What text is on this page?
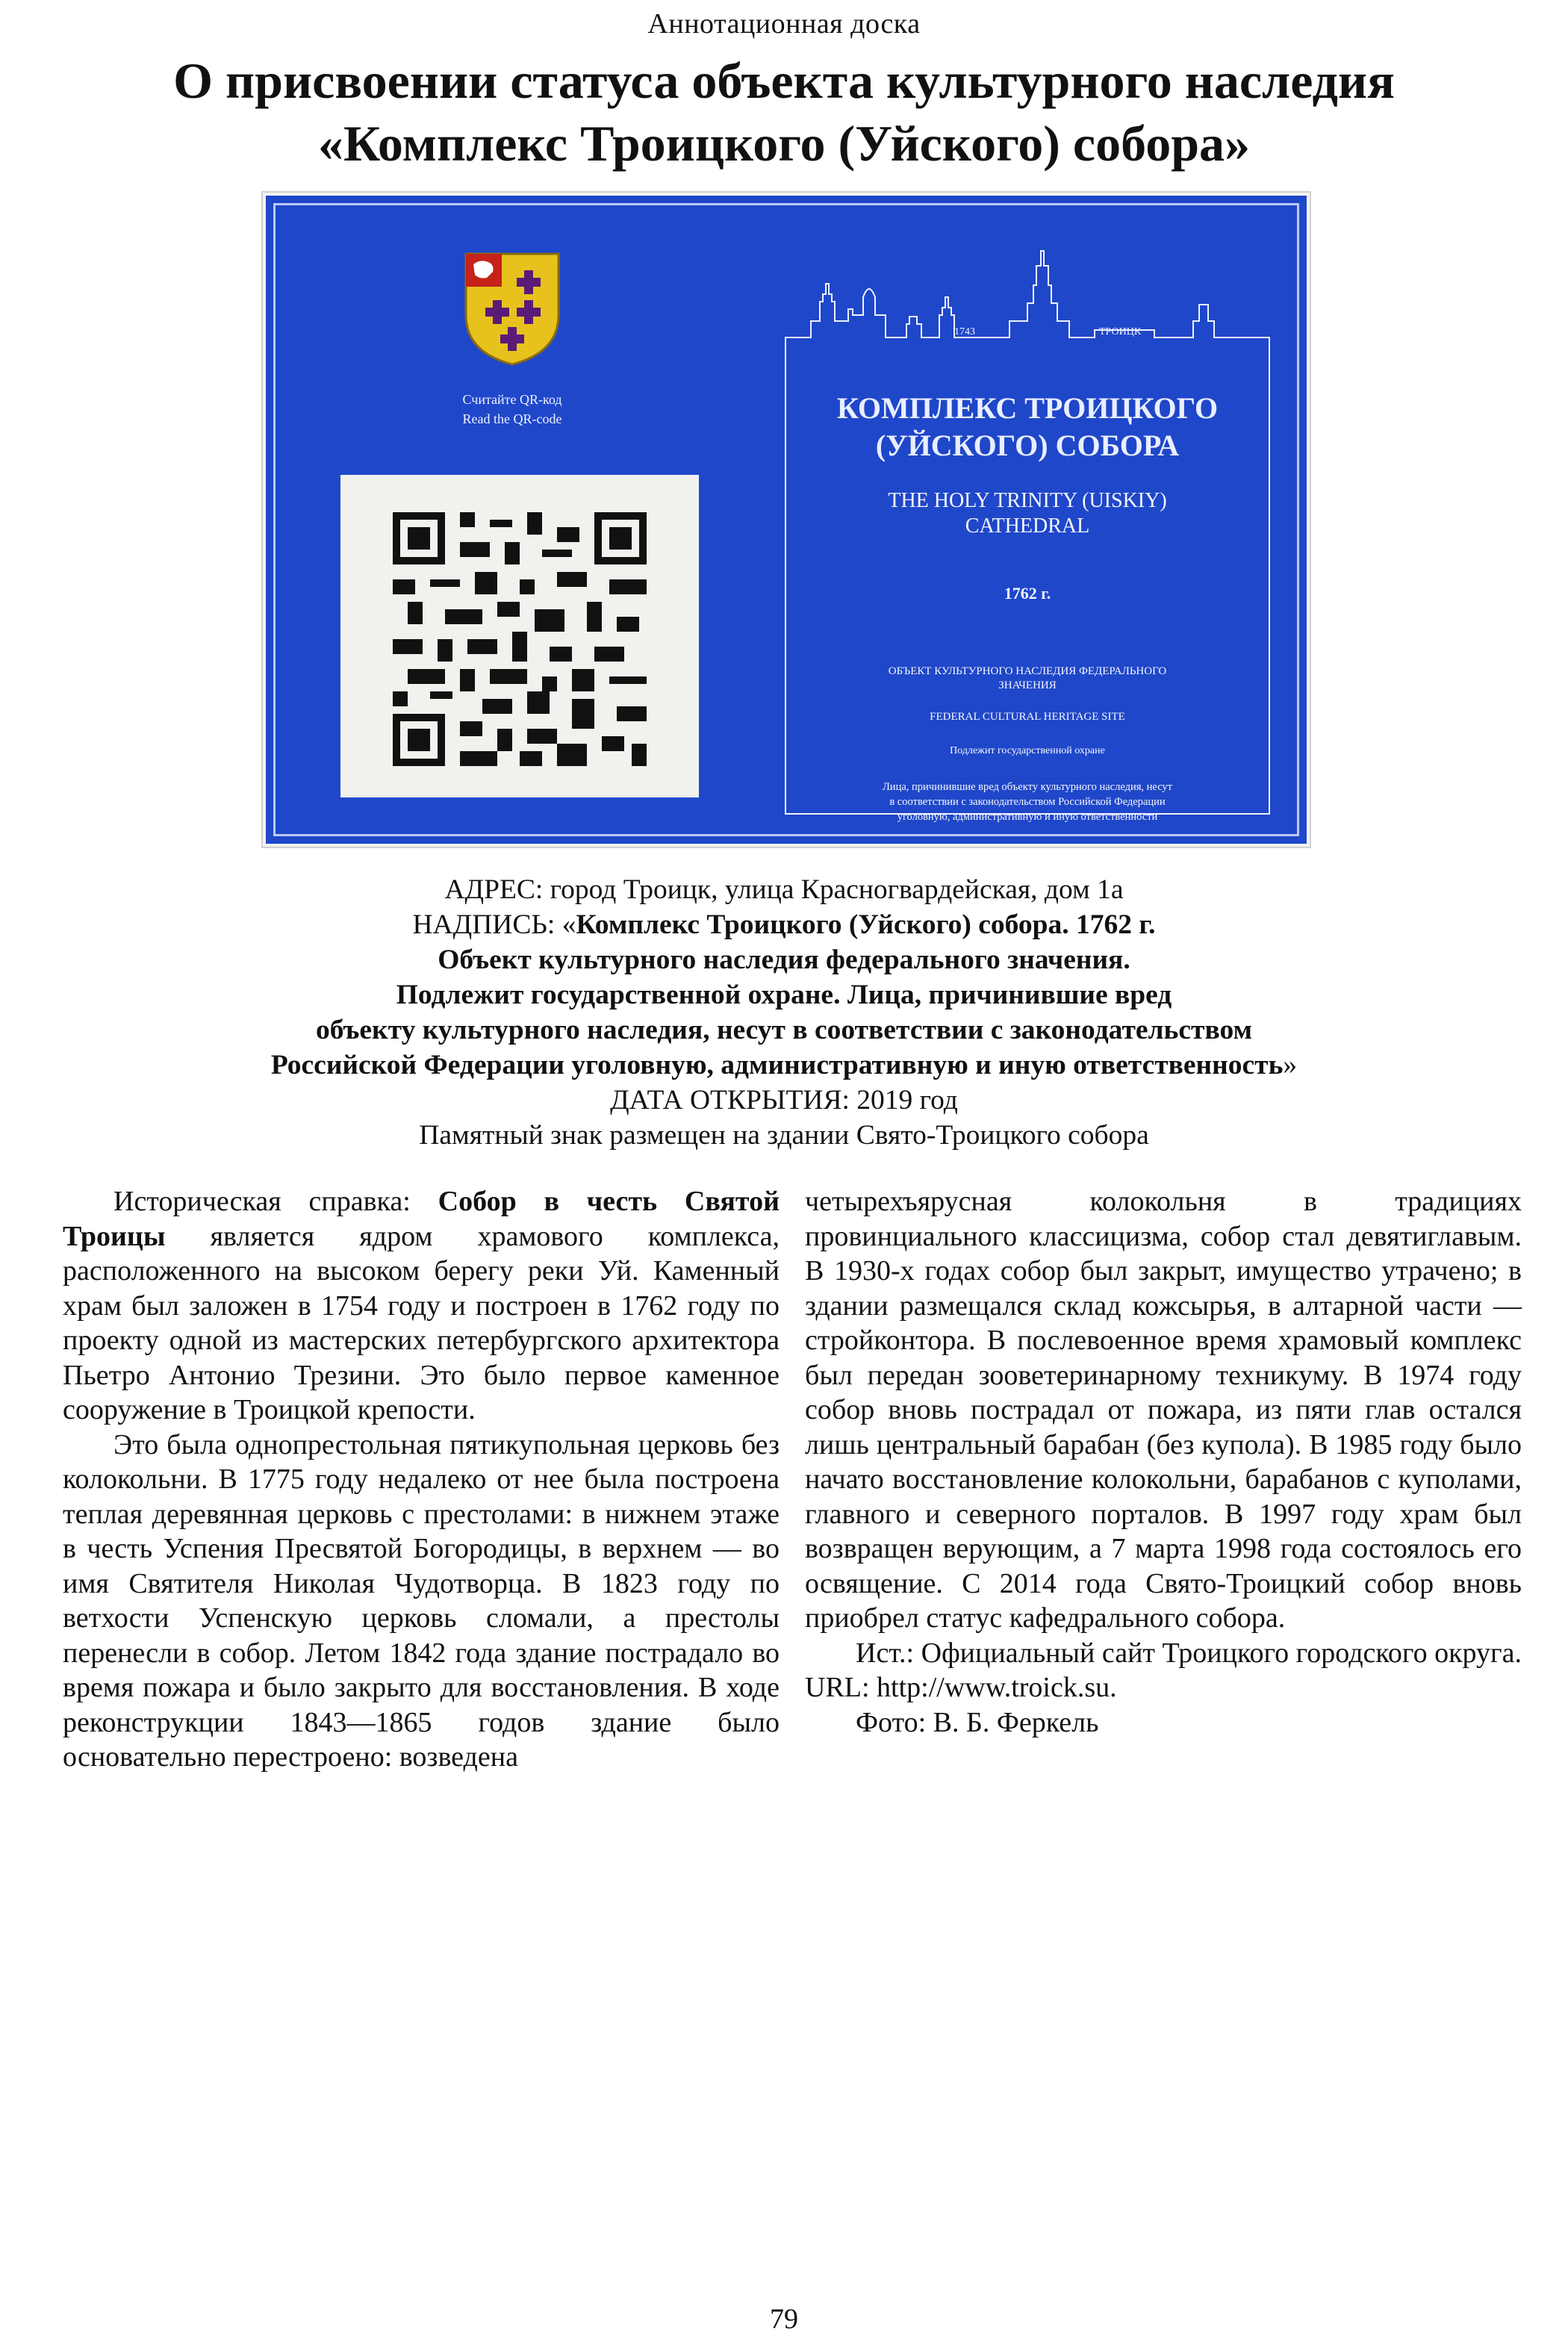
Аннотационная доска
О присвоении статуса объекта культурного наследия
«Комплекс Троицкого (Уйского) собора»
Считайте QR-код
Read the QR-code
1743	ТРОИЦК
КОМПЛЕКС ТРОИЦКОГО
(УЙСКОГО) СОБОРА
THE HOLY TRINITY (UISKIY)
CATHEDRAL
1762 г.
ОБЪЕКТ КУЛЬТУРНОГО НАСЛЕДИЯ ФЕДЕРАЛЬНОГО
ЗНАЧЕНИЯ
FEDERAL CULTURAL HERITAGE SITE
Подлежит государственной охране
Лица, причинившие вред объекту культурного наследия, несут
в соответствии с законодательством Российской Федерации
уголовную, административную и иную ответственности
АДРЕС: город Троицк, улица Красногвардейская, дом 1а
НАДПИСЬ: «Комплекс Троицкого (Уйского) собора. 1762 г.
Объект культурного наследия федерального значения.
Подлежит государственной охране. Лица, причинившие вред
объекту культурного наследия, несут в соответствии с законодательством
Российской Федерации уголовную, административную и иную ответственность»
ДАТА ОТКРЫТИЯ: 2019 год
Памятный знак размещен на здании Свято-Троицкого собора

Историческая справка: Собор в честь Святой Троицы является ядром храмового комплекса, расположенного на высоком берегу реки Уй. Каменный храм был заложен в 1754 году и построен в 1762 году по проекту одной из мастерских петербургского архитектора Пьетро Антонио Трезини. Это было первое каменное сооружение в Троицкой крепости.

Это была однопрестольная пятикупольная церковь без колокольни. В 1775 году недалеко от нее была построена теплая деревянная церковь с престолами: в нижнем этаже в честь Успения Пресвятой Богородицы, в верхнем — во имя Святителя Николая Чудотворца. В 1823 году по ветхости Успенскую церковь сломали, а престолы перенесли в собор. Летом 1842 года здание пострадало во время пожара и было закрыто для восстановления. В ходе реконструкции 1843—1865 годов здание было основательно перестроено: возведена

четырехъярусная колокольня в традициях провинциального классицизма, собор стал девятиглавым. В 1930-х годах собор был закрыт, имущество утрачено; в здании размещался склад кожсырья, в алтарной части — стройконтора. В послевоенное время храмовый комплекс был передан зооветеринарному техникуму. В 1974 году собор вновь пострадал от пожара, из пяти глав остался лишь центральный барабан (без купола). В 1985 году было начато восстановление колокольни, барабанов с куполами, главного и северного порталов. В 1997 году храм был возвращен верующим, а 7 марта 1998 года состоялось его освящение. С 2014 года Свято-Троицкий собор вновь приобрел статус кафедрального собора.

Ист.: Официальный сайт Троицкого городского округа. URL: http://www.troick.su.

Фото: В. Б. Феркель

79
